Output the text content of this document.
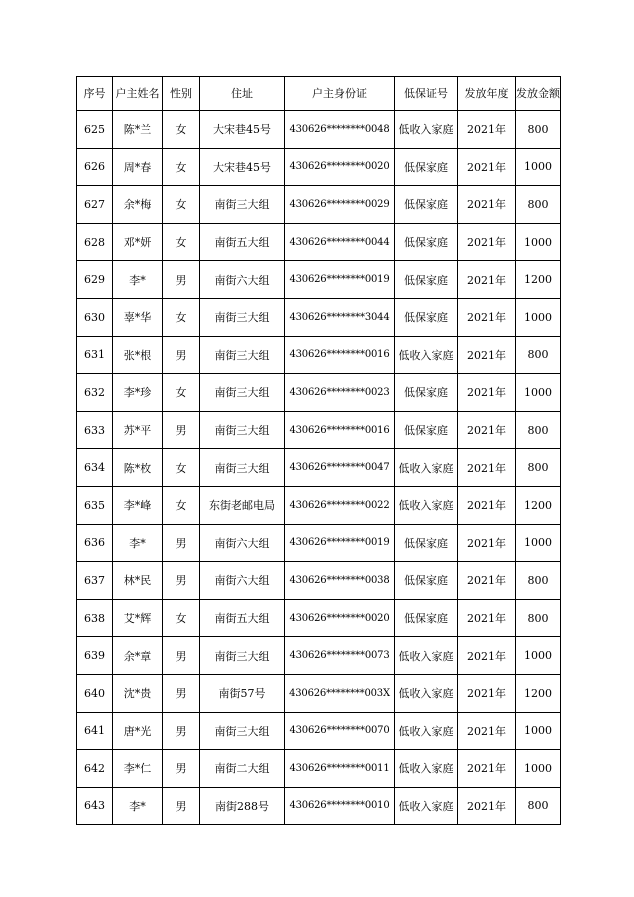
序号	户主姓名	性别	住址	户主身份证	低保证号	发放年度	发放金额
625	陈*兰	女	大宋巷45号	430626********0048	低收入家庭	2021年	800
626	周*春	女	大宋巷45号	430626********0020	低保家庭	2021年	1000
627	余*梅	女	南街三大组	430626********0029	低保家庭	2021年	800
628	邓*妍	女	南街五大组	430626********0044	低保家庭	2021年	1000
629	李*	男	南街六大组	430626********0019	低保家庭	2021年	1200
630	辜*华	女	南街三大组	430626********3044	低保家庭	2021年	1000
631	张*根	男	南街三大组	430626********0016	低收入家庭	2021年	800
632	李*珍	女	南街三大组	430626********0023	低保家庭	2021年	1000
633	苏*平	男	南街三大组	430626********0016	低保家庭	2021年	800
634	陈*枚	女	南街三大组	430626********0047	低收入家庭	2021年	800
635	李*峰	女	东街老邮电局	430626********0022	低收入家庭	2021年	1200
636	李*	男	南街六大组	430626********0019	低保家庭	2021年	1000
637	林*民	男	南街六大组	430626********0038	低保家庭	2021年	800
638	艾*辉	女	南街五大组	430626********0020	低保家庭	2021年	800
639	余*章	男	南街三大组	430626********0073	低收入家庭	2021年	1000
640	沈*贵	男	南街57号	430626********003X	低收入家庭	2021年	1200
641	唐*光	男	南街三大组	430626********0070	低收入家庭	2021年	1000
642	李*仁	男	南街二大组	430626********0011	低收入家庭	2021年	1000
643	李*	男	南街288号	430626********0010	低收入家庭	2021年	800
